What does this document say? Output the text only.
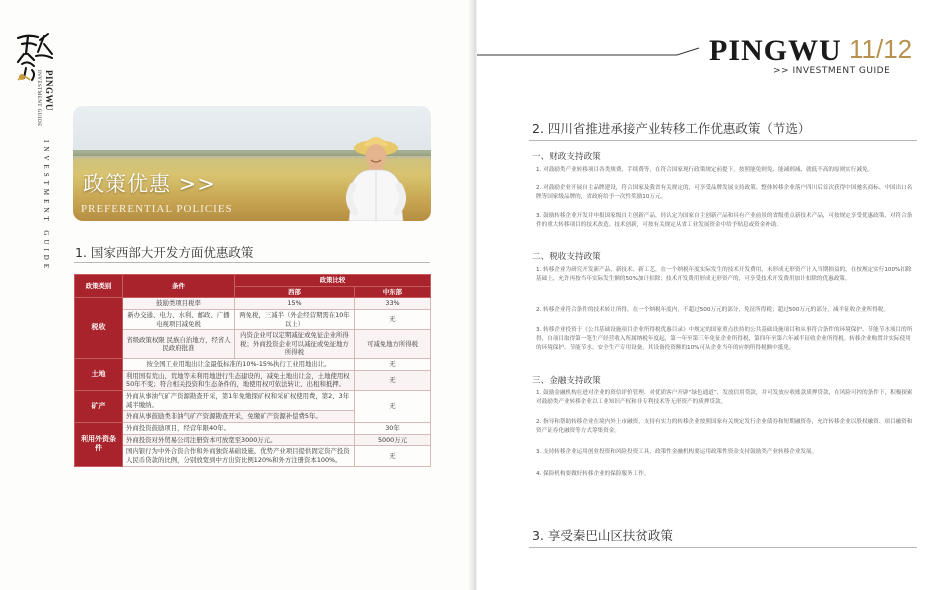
PINGWU
INVESTMENT GUIDE
INVESTMENT GUIDE 政策优惠 >>
PREFERENTIAL POLICIES
1. 国家西部大开发方面优惠政策
政策类别	条件	政策比较	
		西部	中东部
税收	鼓励类项目税率	15%	33%
	新办交通、电力、水利、邮政、广播电视项目减免税	两免税，三减半（外企经营期需在10年以上）	无
	省级政策权限 民族自治地方，经省人民政府批准	内资企业可以定期减征或免征企业所得税；外商投资企业可以减征或免征地方所得税	可减免地方所得税
土地	按全国工业用地出让金最低标准的10%-15%执行工业用地出让。		无
	利用国有荒山、荒地等未利用地进行生态建设的，减免土地出让金，土地使用权50年不变；符合相关投资和生态条件的，地使用权可依法转让、出租和抵押。		无
矿产	外商从事油气矿产资源勘查开采，第1年免缴探矿权和采矿权使用费，第2、3年减半缴纳。		无
	外商从事鼓励类非油气矿产资源勘查开采，免缴矿产资源补偿费5年。		
利用外资条件	外商投资鼓励项目，经营年限40年。		30年
	外商投资对外贸易公司注册资本可放宽至3000万元。		5000万元
	国内银行为中外合资合作和外商独资基础设施、优势产业项目提供固定资产投资人民币贷款的比例，分别放宽到中方出资比例120%和外方注册资本100%。		无
PINGWU 11/12
>> INVESTMENT GUIDE
2. 四川省推进承接产业转移工作优惠政策（节选）
一、财政支持政策
1. 对鼓励类产业转移项目各类规费、手续费等，在符合国家现行政策规定前提下，按照能免则免、能减则减、就低不高的原则实行减免。
2. 对鼓励企业开展自主品牌建设，符合国家及我省有关规定的，可享受品牌发展支持政策。整体转移企业落户四川后首次获得中国驰名商标、中国出口名牌等国家级品牌的，省政府给予一次性奖励10万元。
3. 鼓励转移企业开发并申报国家级自主创新产品，经认定为国家自主创新产品和具有产业前景的省级重点新技术产品，可按规定享受优惠政策，对符合条件的重大转移项目的技术改造、技术创新，可按有关规定从省工业发展资金中给予贴息或资金补助。
二、税收支持政策
1. 转移企业为研究开发新产品、新技术、新工艺，在一个纳税年度实际发生的技术开发费用，未形成无形资产计入当期损益的，在按规定实行100%扣除基础上，允许再按当年实际发生额的50%加计扣除；技术开发费用形成无形资产的，可享受技术开发费用加计扣除的优惠政策。
2. 转移企业符合条件的技术转让所得，在一个纳税年度内，不超过500万元的部分，免征所得税；超过500万元的部分，减半征收企业所得税。
3. 转移企业投资于《公共基础设施项目企业所得税优惠目录》中规定的国家重点扶持的公共基础设施项目和从事符合条件的环境保护、节能节水项目的所得，自项目取得第一笔生产经营收入所属纳税年度起，第一年至第三年免征企业所得税，第四年至第六年减半征收企业所得税。转移企业购置并实际使用的环境保护、节能节水、安全生产专用设备，其设备投资额的10%可从企业当年的应纳所得税额中抵免。
三、金融支持政策
1. 鼓励金融机构在进对企业的资信评价管理、对优质客户开辟“绿色通道”，发放信用贷款，并可发放应收账款质押贷款，在风险可控的条件下，积极探索对鼓励类产业转移企业以工业知识产权和非专利技术等无形资产的质押贷款。
2. 指导和帮助转移企业在境内外上市融资，支持有实力的转移企业按照国家有关规定发行企业债券和短期融资券，允许转移企业以股权融资、项目融资和资产证券化融资等方式筹集资金。
3. 支持转移企业运用创业投资和风险投资工具，政策性金融机构要运用政策性资金支持鼓励类产业转移企业发展。
4. 保险机构要做好转移企业的保险服务工作。
3. 享受秦巴山区扶贫政策
